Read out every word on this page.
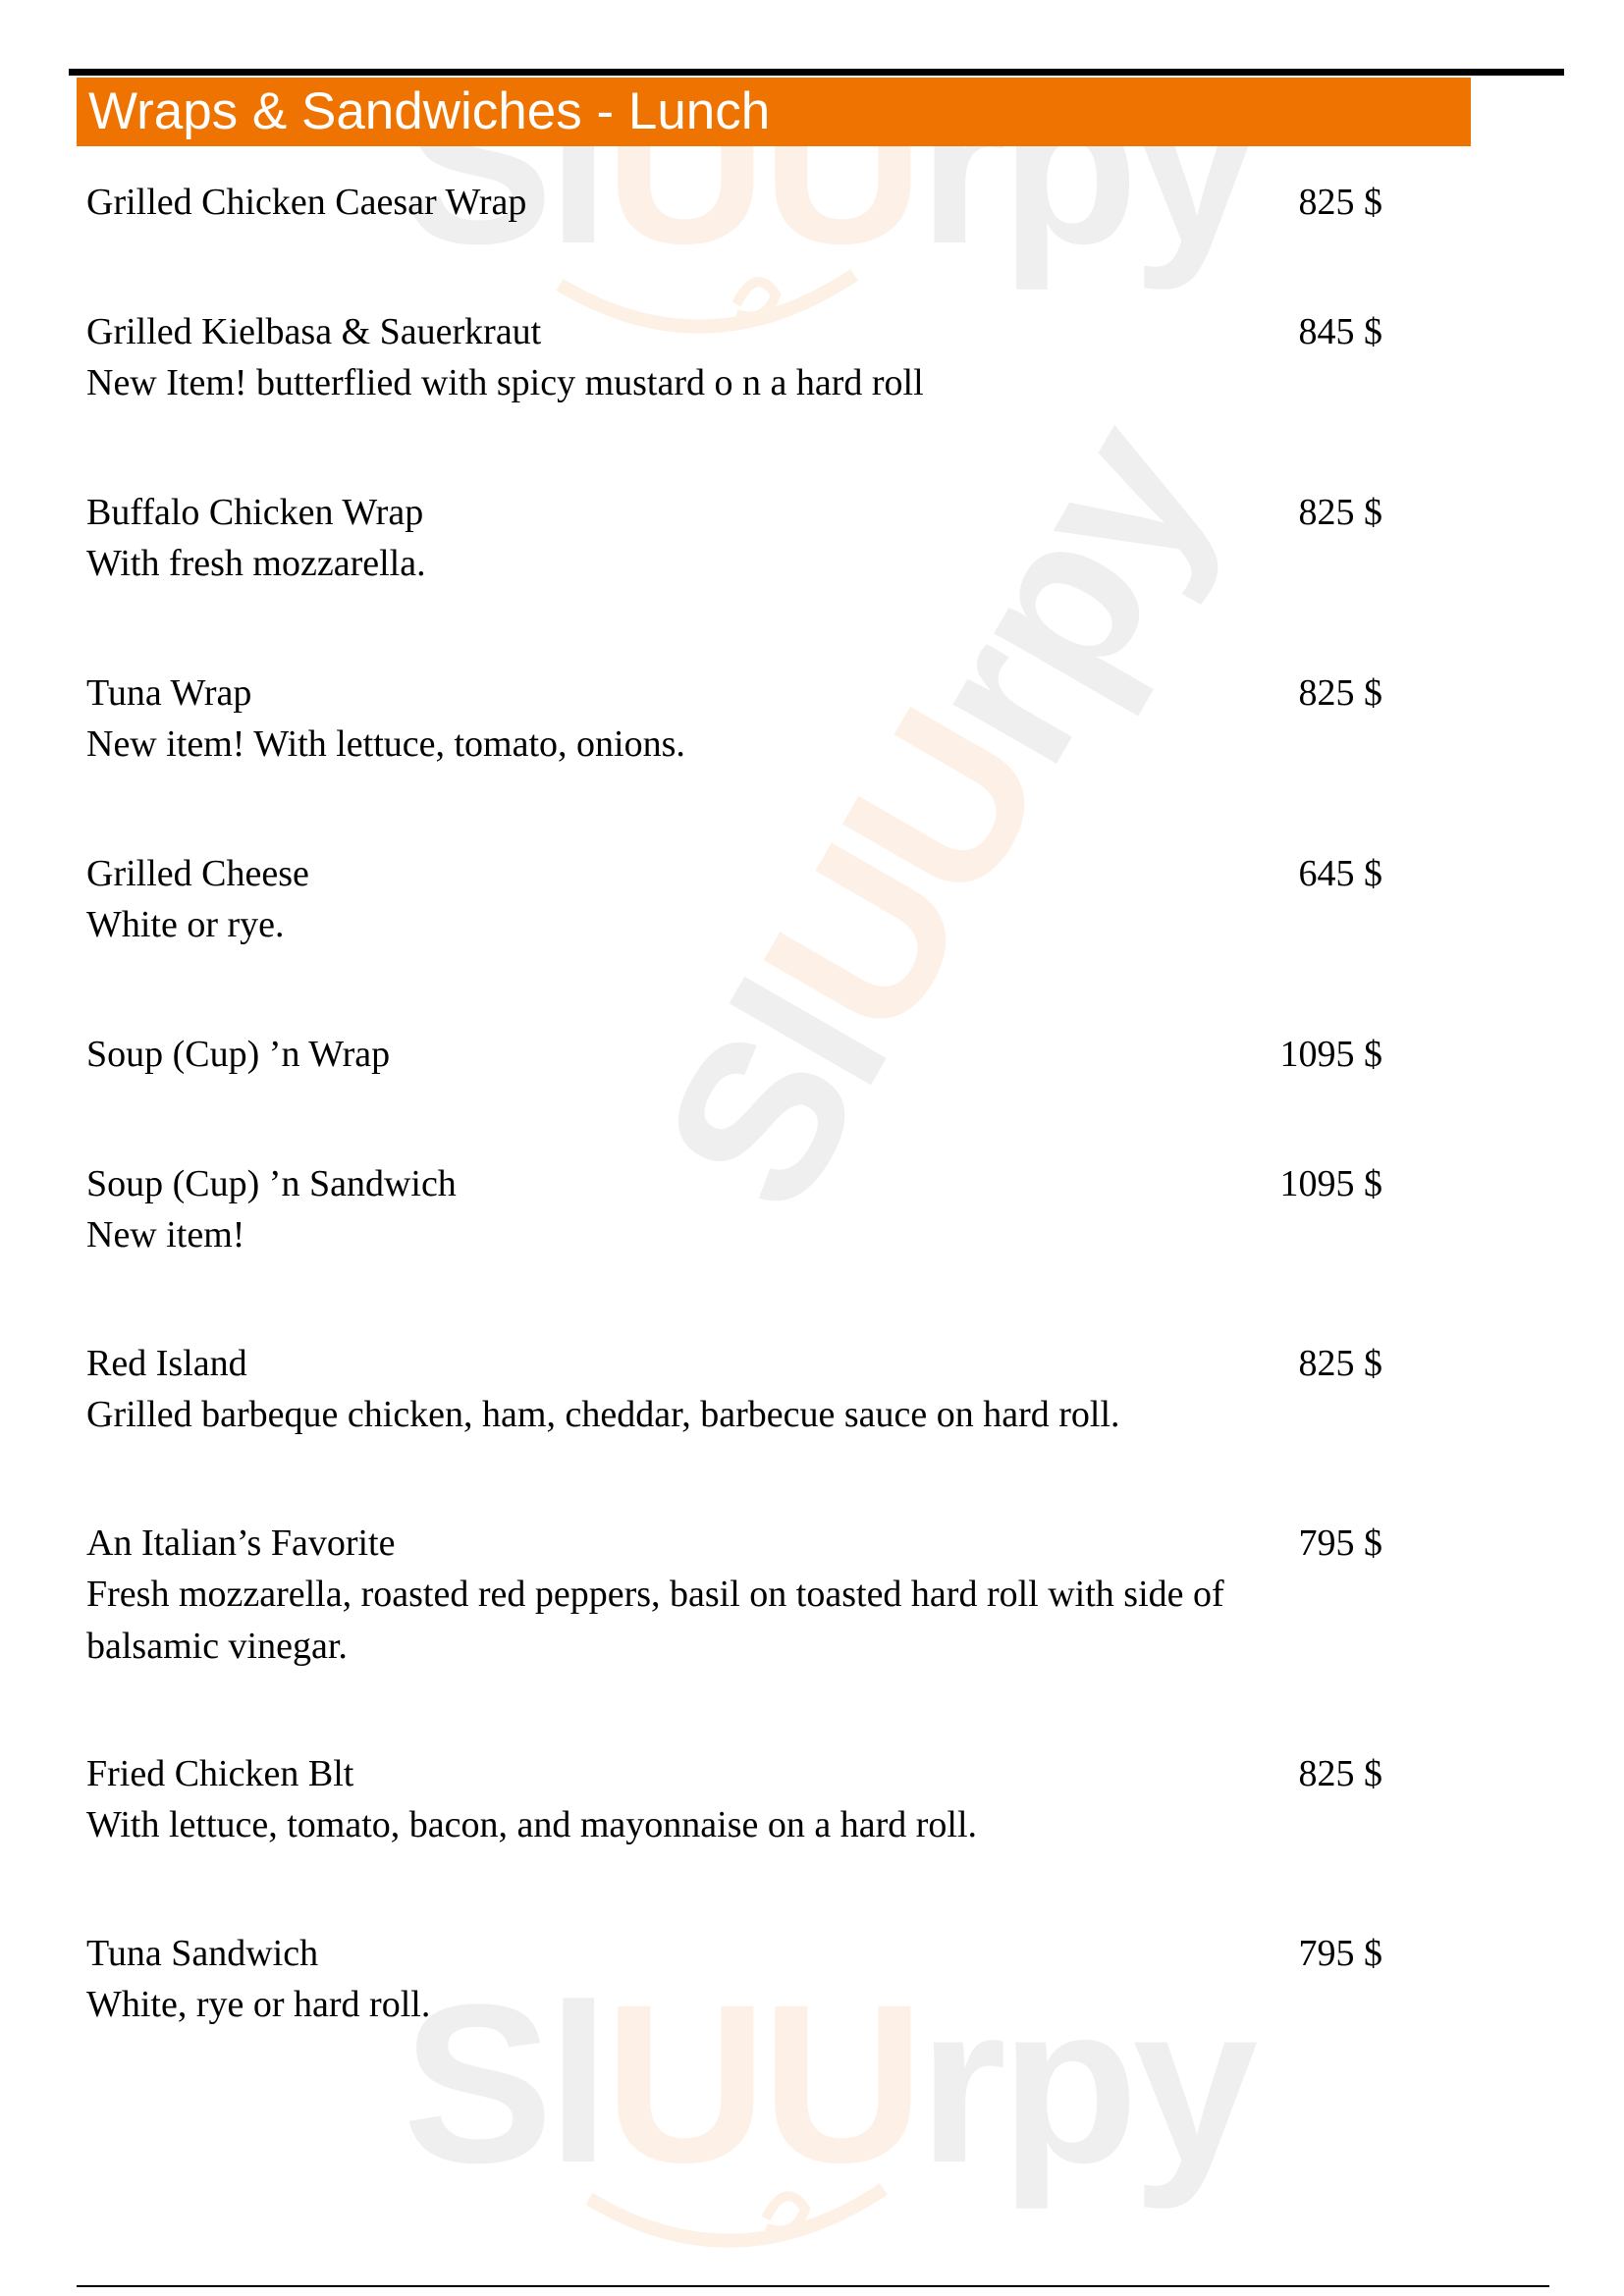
SlUUrpy
SlUUrpy
SlUUrpy
Wraps & Sandwiches - Lunch
Grilled Chicken Caesar Wrap	825 $
Grilled Kielbasa & Sauerkraut
New Item! butterflied with spicy mustard o n a hard roll
845 $
Buffalo Chicken Wrap
With fresh mozzarella.
825 $
Tuna Wrap
New item! With lettuce, tomato, onions.
825 $
Grilled Cheese
White or rye.
645 $
Soup (Cup) ’n Wrap	1095 $
Soup (Cup) ’n Sandwich
New item!
1095 $
Red Island
Grilled barbeque chicken, ham, cheddar, barbecue sauce on hard roll.
825 $
An Italian’s Favorite
Fresh mozzarella, roasted red peppers, basil on toasted hard roll with side of balsamic vinegar.
795 $
Fried Chicken Blt
With lettuce, tomato, bacon, and mayonnaise on a hard roll.
825 $
Tuna Sandwich
White, rye or hard roll.
795 $
